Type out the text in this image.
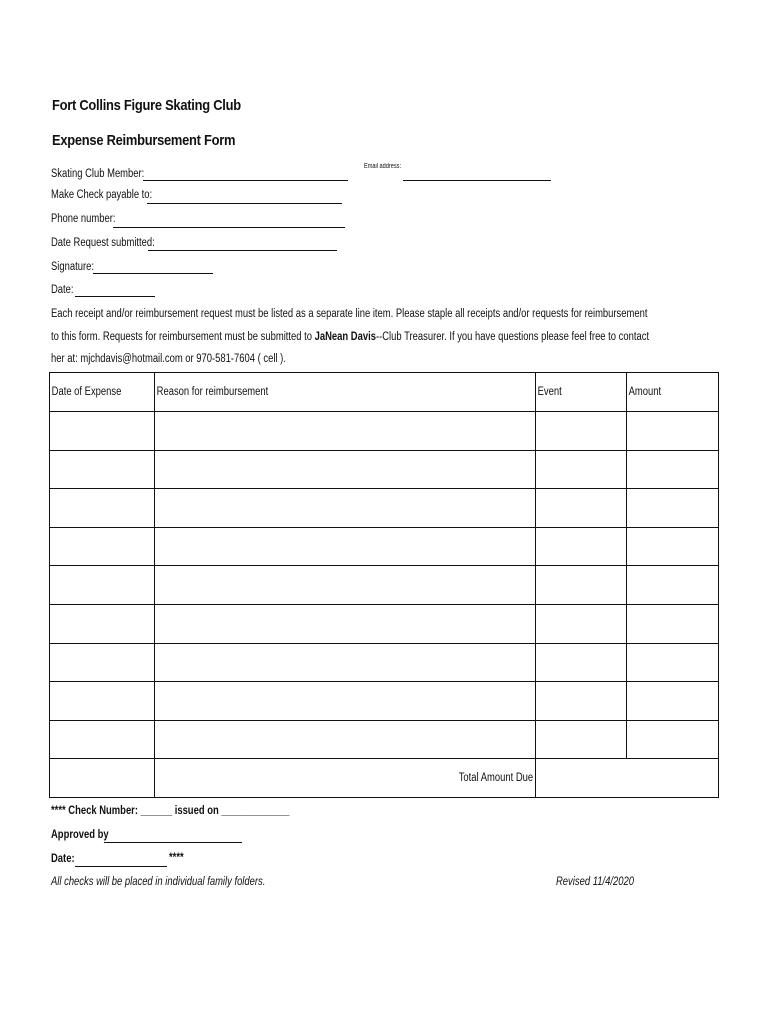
Fort Collins Figure Skating Club
Expense Reimbursement Form
Skating Club Member:
Email address:
Make Check payable to:
Phone number:
Date Request submitted:
Signature:
Date:
Each receipt and/or reimbursement request must be listed as a separate line item. Please staple all receipts and/or requests for reimbursement
to this form. Requests for reimbursement must be submitted to JaNean Davis--Club Treasurer. If you have questions please feel free to contact
her at: mjchdavis@hotmail.com or 970-581-7604 ( cell ).
Date of Expense	Reason for reimbursement	Event	Amount

	Total Amount Due		
**** Check Number: ______ issued on _____________
Approved by
Date:	****
All checks will be placed in individual family folders.	Revised 11/4/2020
